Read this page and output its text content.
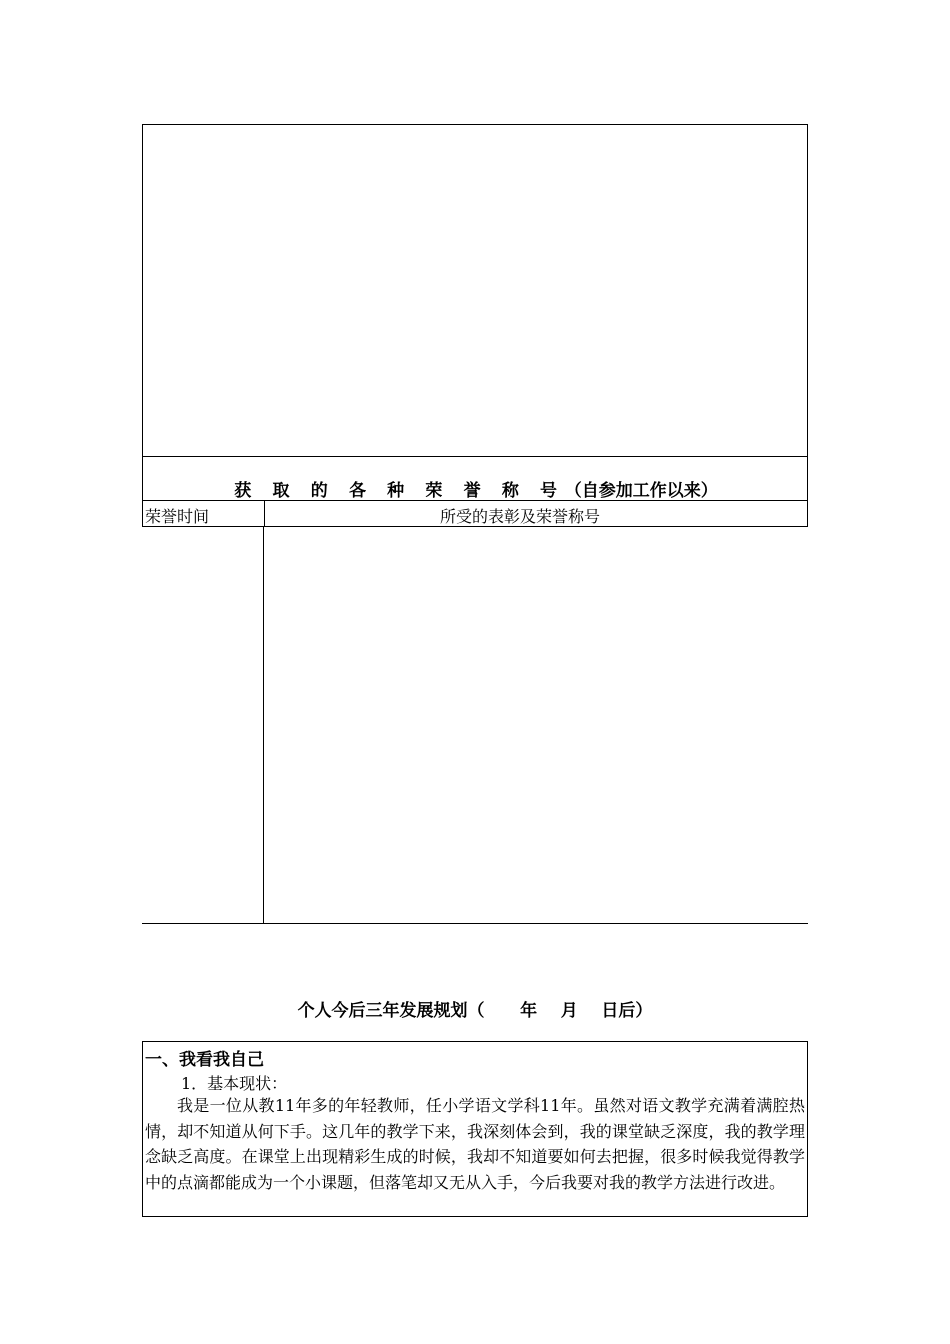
获 取 的 各 种 荣 誉 称 号（自参加工作以来）
荣誉时间	所受的表彰及荣誉称号
个人今后三年发展规划（      年    月    日后）
一、我看我自己
1．基本现状：
我是一位从教11年多的年轻教师，任小学语文学科11年。虽然对语文教学充满着满腔热情，却不知道从何下手。这几年的教学下来，我深刻体会到，我的课堂缺乏深度，我的教学理念缺乏高度。在课堂上出现精彩生成的时候，我却不知道要如何去把握，很多时候我觉得教学中的点滴都能成为一个小课题，但落笔却又无从入手，今后我要对我的教学方法进行改进。
